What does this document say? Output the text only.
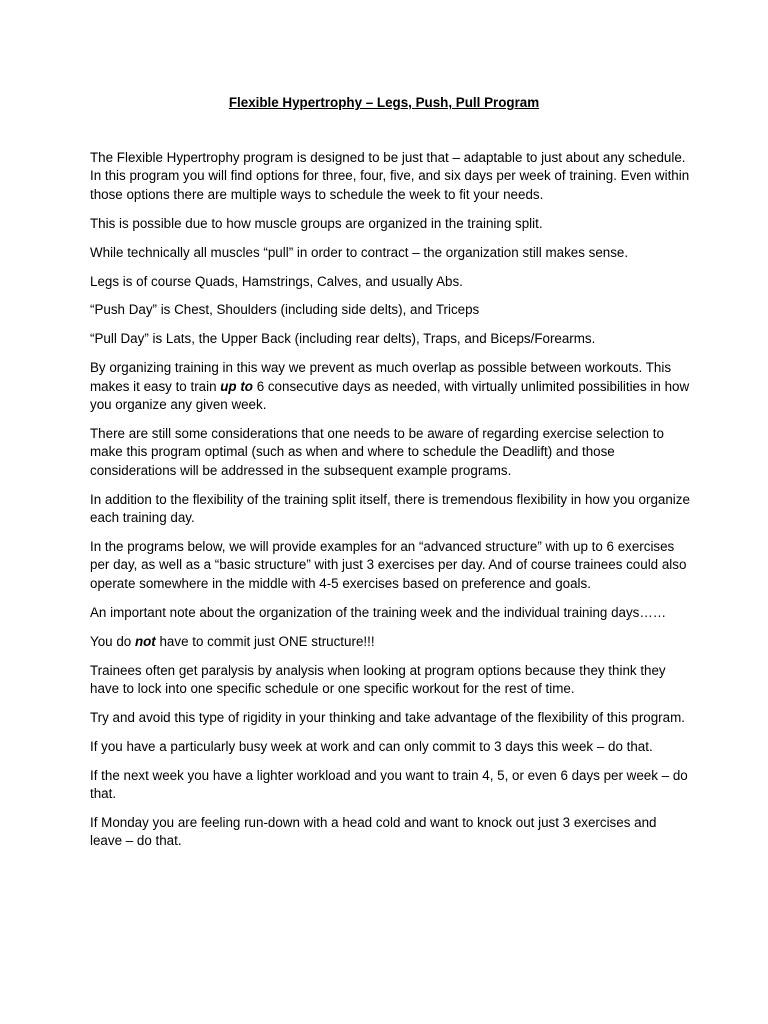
Flexible Hypertrophy – Legs, Push, Pull Program

The Flexible Hypertrophy program is designed to be just that – adaptable to just about any schedule. In this program you will find options for three, four, five, and six days per week of training. Even within those options there are multiple ways to schedule the week to fit your needs.

This is possible due to how muscle groups are organized in the training split.

While technically all muscles “pull” in order to contract – the organization still makes sense.

Legs is of course Quads, Hamstrings, Calves, and usually Abs.

“Push Day” is Chest, Shoulders (including side delts), and Triceps

“Pull Day” is Lats, the Upper Back (including rear delts), Traps, and Biceps/Forearms.

By organizing training in this way we prevent as much overlap as possible between workouts. This makes it easy to train up to 6 consecutive days as needed, with virtually unlimited possibilities in how you organize any given week.

There are still some considerations that one needs to be aware of regarding exercise selection to make this program optimal (such as when and where to schedule the Deadlift) and those considerations will be addressed in the subsequent example programs.

In addition to the flexibility of the training split itself, there is tremendous flexibility in how you organize each training day.

In the programs below, we will provide examples for an “advanced structure” with up to 6 exercises per day, as well as a “basic structure” with just 3 exercises per day. And of course trainees could also operate somewhere in the middle with 4-5 exercises based on preference and goals.

An important note about the organization of the training week and the individual training days……

You do not have to commit just ONE structure!!!

Trainees often get paralysis by analysis when looking at program options because they think they have to lock into one specific schedule or one specific workout for the rest of time.

Try and avoid this type of rigidity in your thinking and take advantage of the flexibility of this program.

If you have a particularly busy week at work and can only commit to 3 days this week – do that.

If the next week you have a lighter workload and you want to train 4, 5, or even 6 days per week – do that.

If Monday you are feeling run-down with a head cold and want to knock out just 3 exercises and leave – do that.
